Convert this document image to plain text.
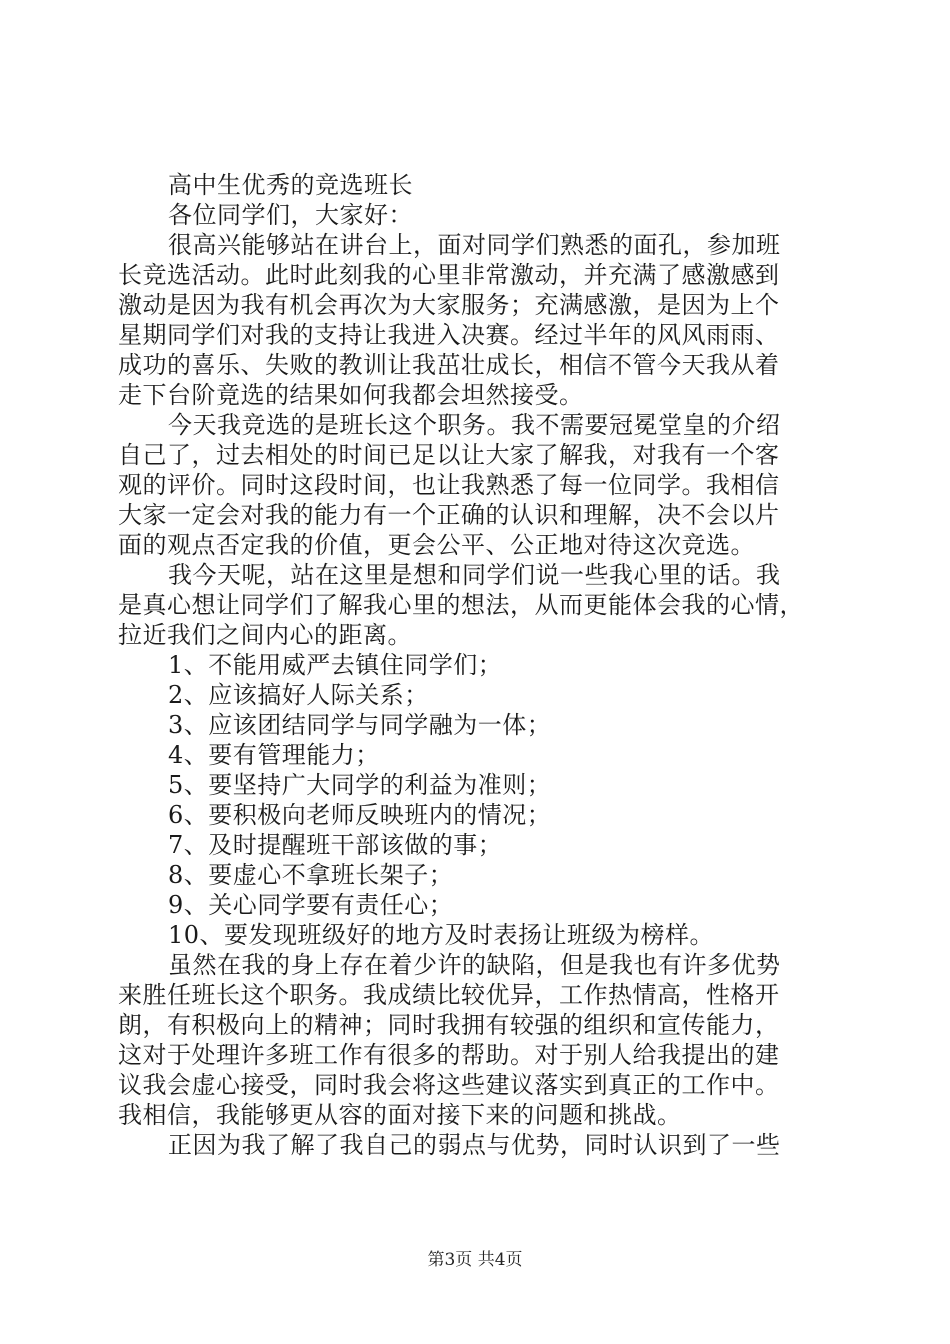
高中生优秀的竞选班长
各位同学们，大家好：
很高兴能够站在讲台上，面对同学们熟悉的面孔，参加班
长竞选活动。此时此刻我的心里非常激动，并充满了感激感到
激动是因为我有机会再次为大家服务；充满感激，是因为上个
星期同学们对我的支持让我进入决赛。经过半年的风风雨雨、
成功的喜乐、失败的教训让我茁壮成长，相信不管今天我从着
走下台阶竟选的结果如何我都会坦然接受。
今天我竞选的是班长这个职务。我不需要冠冕堂皇的介绍
自己了，过去相处的时间已足以让大家了解我，对我有一个客
观的评价。同时这段时间，也让我熟悉了每一位同学。我相信
大家一定会对我的能力有一个正确的认识和理解，决不会以片
面的观点否定我的价值，更会公平、公正地对待这次竞选。
我今天呢，站在这里是想和同学们说一些我心里的话。我
是真心想让同学们了解我心里的想法，从而更能体会我的心情，
拉近我们之间内心的距离。
1、不能用威严去镇住同学们；
2、应该搞好人际关系；
3、应该团结同学与同学融为一体；
4、要有管理能力；
5、要坚持广大同学的利益为准则；
6、要积极向老师反映班内的情况；
7、及时提醒班干部该做的事；
8、要虚心不拿班长架子；
9、关心同学要有责任心；
10、要发现班级好的地方及时表扬让班级为榜样。
虽然在我的身上存在着少许的缺陷，但是我也有许多优势
来胜任班长这个职务。我成绩比较优异，工作热情高，性格开
朗，有积极向上的精神；同时我拥有较强的组织和宣传能力，
这对于处理许多班工作有很多的帮助。对于别人给我提出的建
议我会虚心接受，同时我会将这些建议落实到真正的工作中。
我相信，我能够更从容的面对接下来的问题和挑战。
正因为我了解了我自己的弱点与优势，同时认识到了一些
第3页 共4页
